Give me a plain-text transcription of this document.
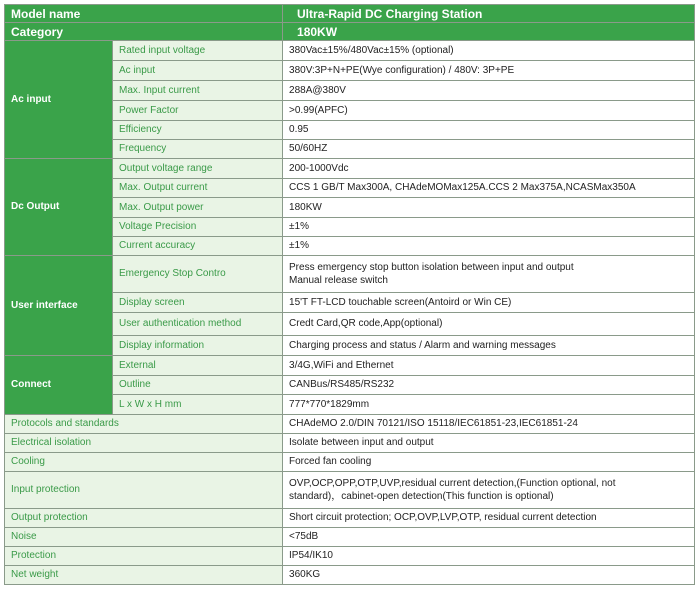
Model name		Ultra-Rapid DC Charging Station
Category		180KW
Ac input	Rated input voltage	380Vac±15%/480Vac±15% (optional)
	Ac input	380V:3P+N+PE(Wye configuration) / 480V: 3P+PE
	Max. Input current	288A@380V
	Power Factor	>0.99(APFC)
	Efficiency	0.95
	Frequency	50/60HZ
Dc Output	Output voltage range	200-1000Vdc
	Max. Output current	CCS 1 GB/T Max300A, CHAdeMOMax125A.CCS 2 Max375A,NCASMax350A
	Max. Output power	180KW
	Voltage Precision	±1%
	Current accuracy	±1%
User interface	Emergency Stop Contro	Press emergency stop button isolation between input and output
Manual release switch

	Display screen	15'T FT-LCD touchable screen(Antoird or Win CE)
	User authentication method	Credt Card,QR code,App(optional)
	Display information	Charging process and status / Alarm and warning messages
Connect	External	3/4G,WiFi and Ethernet
	Outline	CANBus/RS485/RS232
	L x W x H mm	777*770*1829mm
Protocols and standards		CHAdeMO 2.0/DIN 70121/ISO 15118/IEC61851-23,IEC61851-24
Electrical isolation		Isolate between input and output
Cooling		Forced fan cooling
Input protection		OVP,OCP,OPP,OTP,UVP,residual current detection,(Function optional, not
standard)，cabinet-open detection(This function is optional)

Output protection		Short circuit protection; OCP,OVP,LVP,OTP, residual current detection
Noise		<75dB
Protection		IP54/IK10
Net weight		360KG
